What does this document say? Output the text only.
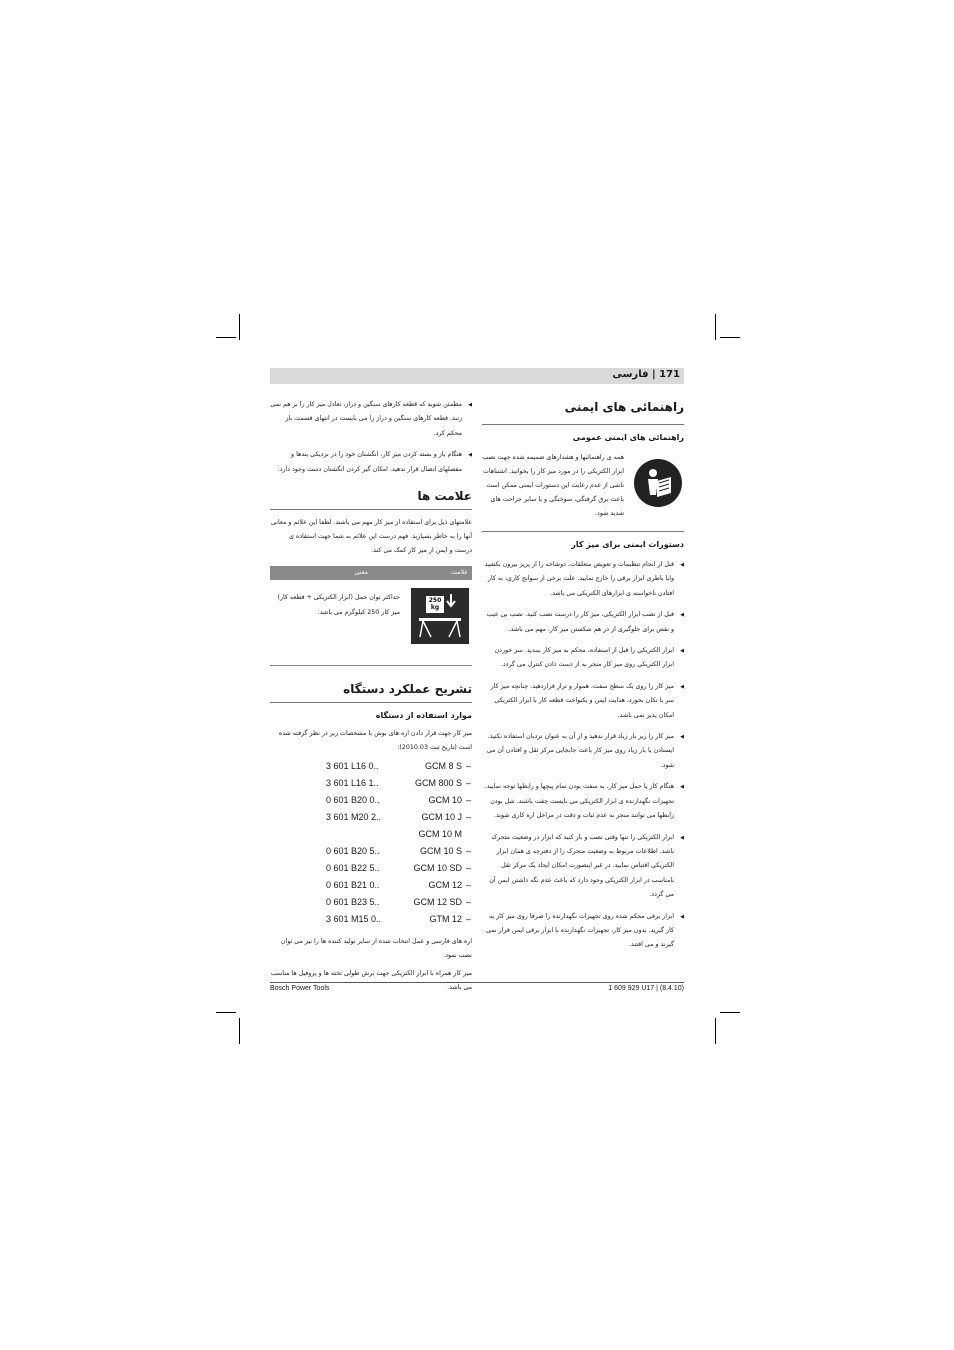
171 | فارسی
راهنمائی های ایمنی
راهنمائی های ایمنی عمومی

همه ی راهنمائیها و هشدارهای ضمیمه شده جهت نصب ابزار الکتریکی را در مورد میز کار را بخوانید. اشتباهات ناشی از عدم رعایت این دستورات ایمنی ممکن است باعث برق گرفتگی، سوختگی و یا سایر جراحت های شدید شود.

دستورات ایمنی برای میز کار

◀ قبل از انجام تنظیمات و تعویض متعلقات، دوشاخه را از پریز بیرون بکشید وایا باطری ابزار برقی را خارج نمایید. علت برخی از سوانح کاری، به کار افتادن ناخواسته ی ابزارهای الکتریکی می باشد.

◀ قبل از نصب ابزار الکتریکی، میز کار را درست نصب کنید. نصب بی عیب و نقص برای جلوگیری از در هم شکستن میز کار، مهم می باشد.

◀ ابزار الکتریکی را قبل از استفاده، محکم به میز کار ببندید. سر خوردن ابزار الکتریکی روی میز کار منجر به از دست دادن کنترل می گردد.

◀ میز کار را روی یک سطح سفت، هموار و تراز قراردهید. چنانچه میز کار سر یا تکان بخورد، هدایت ایمن و یکنواخت قطعه کار با ابزار الکتریکی امکان پذیر نمی باشد.

◀ میز کار را زیر بار زیاد قرار ندهید و از آن به عنوان نردبان استفاده نکنید. ایستادن یا بار زیاد روی میز کار باعث جابجایی مرکز ثقل و افتادن آن می شود.

◀ هنگام کار یا حمل میز کار، به سفت بودن تمام پیچها و رابطها توجه نمایید. تجهیزات نگهدارنده ی ابزار الکتریکی می بایست چفت باشند. شل بودن رابطها می توانند منجر به عدم ثبات و دقت در مراحل اره کاری شوند.

◀ ابزار الکتریکی را تنها وقتی نصب و باز کنید که ابزار در وضعیت متحرک باشد. اطلاعات مربوط به وضعیت متحرک را از دفترچه ی همان ابزار الکتریکی اقتباس نمایید. در غیر اینصورت امکان ایجاد یک مرکز ثقل نامناسب در ابزار الکتریکی وجود دارد که باعث عدم نگه داشتن ایمن آن می گردد.

◀ ابزار برقی محکم شده روی تجهیزات نگهدارنده را صرفا روی میز کار به کار گیرید. بدون میز کار، تجهیزات نگهدارنده با ابزار برقی ایمن قرار نمی گیرند و می افتند.

◀ مطمئن شوید که قطعه کارهای سنگین و دراز، تعادل میز کار را بر هم نمی زنند. قطعه کارهای سنگین و دراز را می بایست در انتهای قسمت باز محکم کرد.

◀ هنگام باز و بسته کردن میز کار، انگشتان خود را در نزدیکی بندها و مفصلهای اتصال قرار ندهید. امکان گیر کردن انگشتان دست وجود دارد.

علامت ها

علامتهای ذیل برای استفاده از میز کار مهم می باشند. لطفا این علائم و معانی آنها را به خاطر بسپارید. فهم درست این علائم به شما جهت استفاده ی درست و ایمن از میز کار کمک می کند.

علامت
معنی
250 kg
حداکثر توان حمل (ابزار الکتریکی + قطعه کار) میز کار 250 کیلوگرم می باشد.
تشریح عملکرد دستگاه
موارد استفاده از دستگاه

میز کار جهت قرار دادن اره های بوش با مشخصات زیر در نظر گرفته شده است (تاریخ ثبت 2010.03):

–
GCM 8 S
3 601 L16 0..
–
GCM 800 S
3 601 L16 1..
–
GCM 10
0 601 B20 0..
–
GCM 10 J
3 601 M20 2..
GCM 10 M
–
GCM 10 S
0 601 B20 5..
–
GCM 10 SD
0 601 B22 5..
–
GCM 12
0 601 B21 0..
–
GCM 12 SD
0 601 B23 5..
–
GTM 12
3 601 M15 0..

اره های فارسی و عمل انتخاب شده از سایر تولید کننده ها را نیز می توان نصب نمود.

میز کار همراه با ابزار الکتریکی جهت برش طولی تخته ها و پروفیل ها مناسب می باشد.

Bosch Power Tools	1 609 929 U17 | (8.4.10)
